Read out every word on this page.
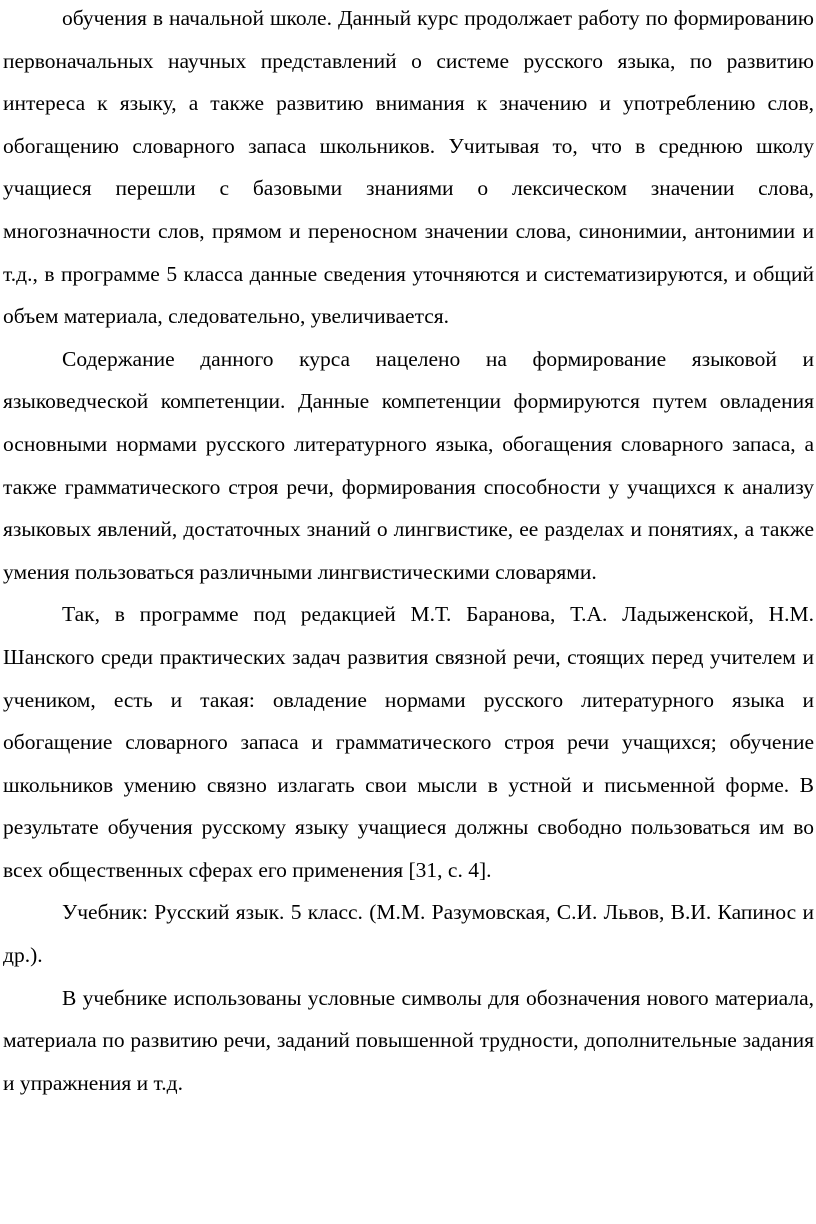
обучения в начальной школе. Данный курс продолжает работу по формированию первоначальных научных представлений о системе русского языка, по развитию интереса к языку, а также развитию внимания к значению и употреблению слов, обогащению словарного запаса школьников. Учитывая то, что в среднюю школу учащиеся перешли с базовыми знаниями о лексическом значении слова, многозначности слов, прямом и переносном значении слова, синонимии, антонимии и т.д., в программе 5 класса данные сведения уточняются и систематизируются, и общий объем материала, следовательно, увеличивается.

Содержание данного курса нацелено на формирование языковой и языковедческой компетенции. Данные компетенции формируются путем овладения основными нормами русского литературного языка, обогащения словарного запаса, а также грамматического строя речи, формирования способности у учащихся к анализу языковых явлений, достаточных знаний о лингвистике, ее разделах и понятиях, а также умения пользоваться различными лингвистическими словарями.

Так, в программе под редакцией М.Т. Баранова, Т.А. Ладыженской, Н.М. Шанского среди практических задач развития связной речи, стоящих перед учителем и учеником, есть и такая: овладение нормами русского литературного языка и обогащение словарного запаса и грамматического строя речи учащихся; обучение школьников умению связно излагать свои мысли в устной и письменной форме. В результате обучения русскому языку учащиеся должны свободно пользоваться им во всех общественных сферах его применения [31, с. 4].

Учебник: Русский язык. 5 класс. (М.М. Разумовская, С.И. Львов, В.И. Капинос и др.).

В учебнике использованы условные символы для обозначения нового материала, материала по развитию речи, заданий повышенной трудности, дополнительные задания и упражнения и т.д.
